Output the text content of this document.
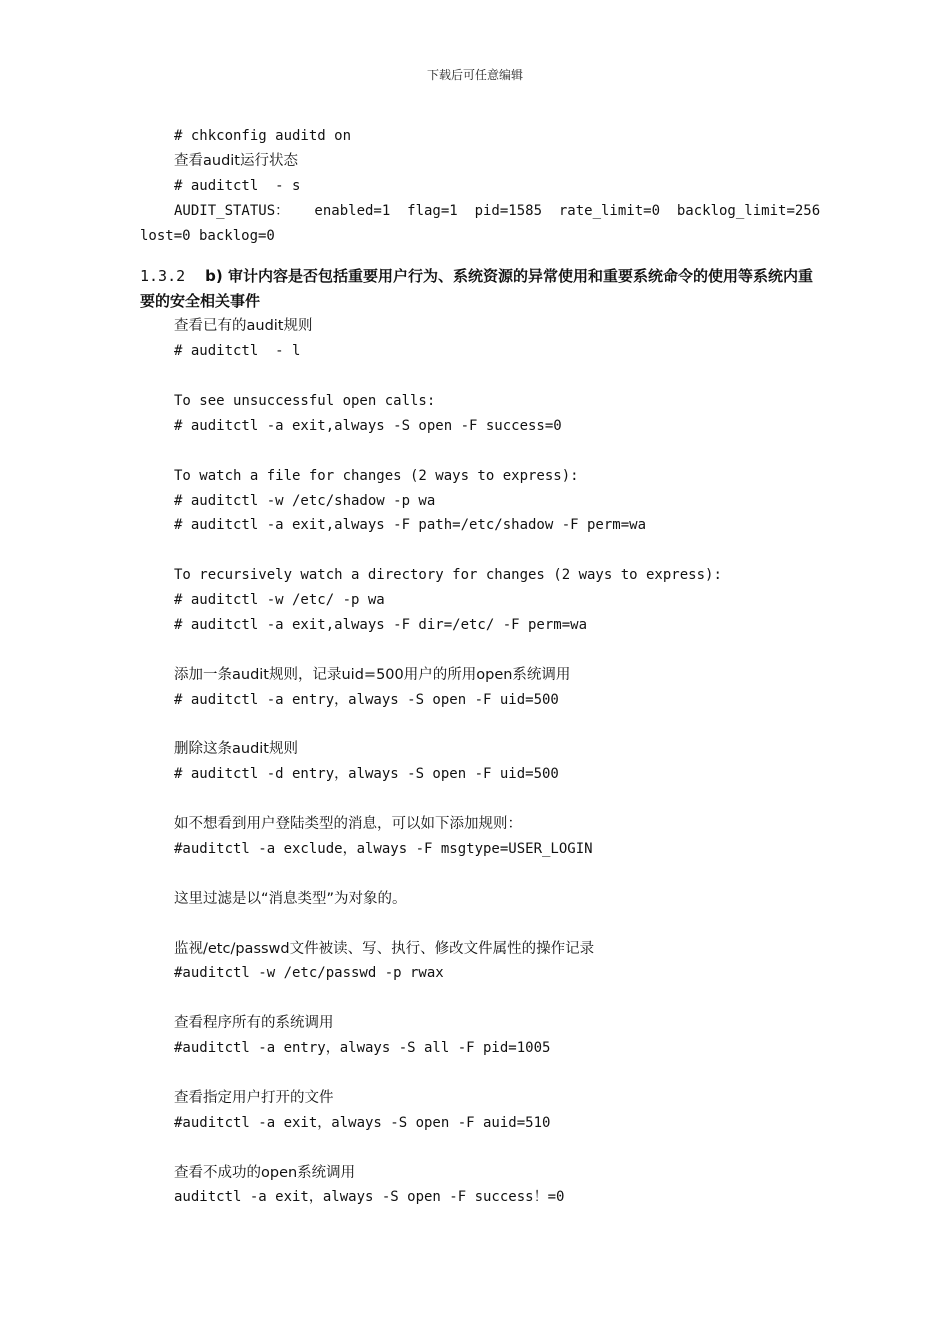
下载后可任意编辑
# chkconfig auditd on
查看audit运行状态
# auditctl  - s
AUDIT_STATUS：   enabled=1  flag=1  pid=1585  rate_limit=0  backlog_limit=256
lost=0 backlog=0
1.3.2 b) 审计内容是否包括重要用户行为、系统资源的异常使用和重要系统命令的使用等系统内重要的安全相关事件
查看已有的audit规则
# auditctl  - l
To see unsuccessful open calls:
# auditctl -a exit,always -S open -F success=0
To watch a file for changes (2 ways to express):
# auditctl -w /etc/shadow -p wa
# auditctl -a exit,always -F path=/etc/shadow -F perm=wa
To recursively watch a directory for changes (2 ways to express):
# auditctl -w /etc/ -p wa
# auditctl -a exit,always -F dir=/etc/ -F perm=wa
添加一条audit规则，记录uid=500用户的所用open系统调用
# auditctl -a entry，always -S open -F uid=500
删除这条audit规则
# auditctl -d entry，always -S open -F uid=500
如不想看到用户登陆类型的消息，可以如下添加规则：
#auditctl -a exclude，always -F msgtype=USER_LOGIN
这里过滤是以“消息类型”为对象的。
监视/etc/passwd文件被读、写、执行、修改文件属性的操作记录
#auditctl -w /etc/passwd -p rwax
查看程序所有的系统调用
#auditctl -a entry，always -S all -F pid=1005
查看指定用户打开的文件
#auditctl -a exit，always -S open -F auid=510
查看不成功的open系统调用
auditctl -a exit，always -S open -F success！=0
